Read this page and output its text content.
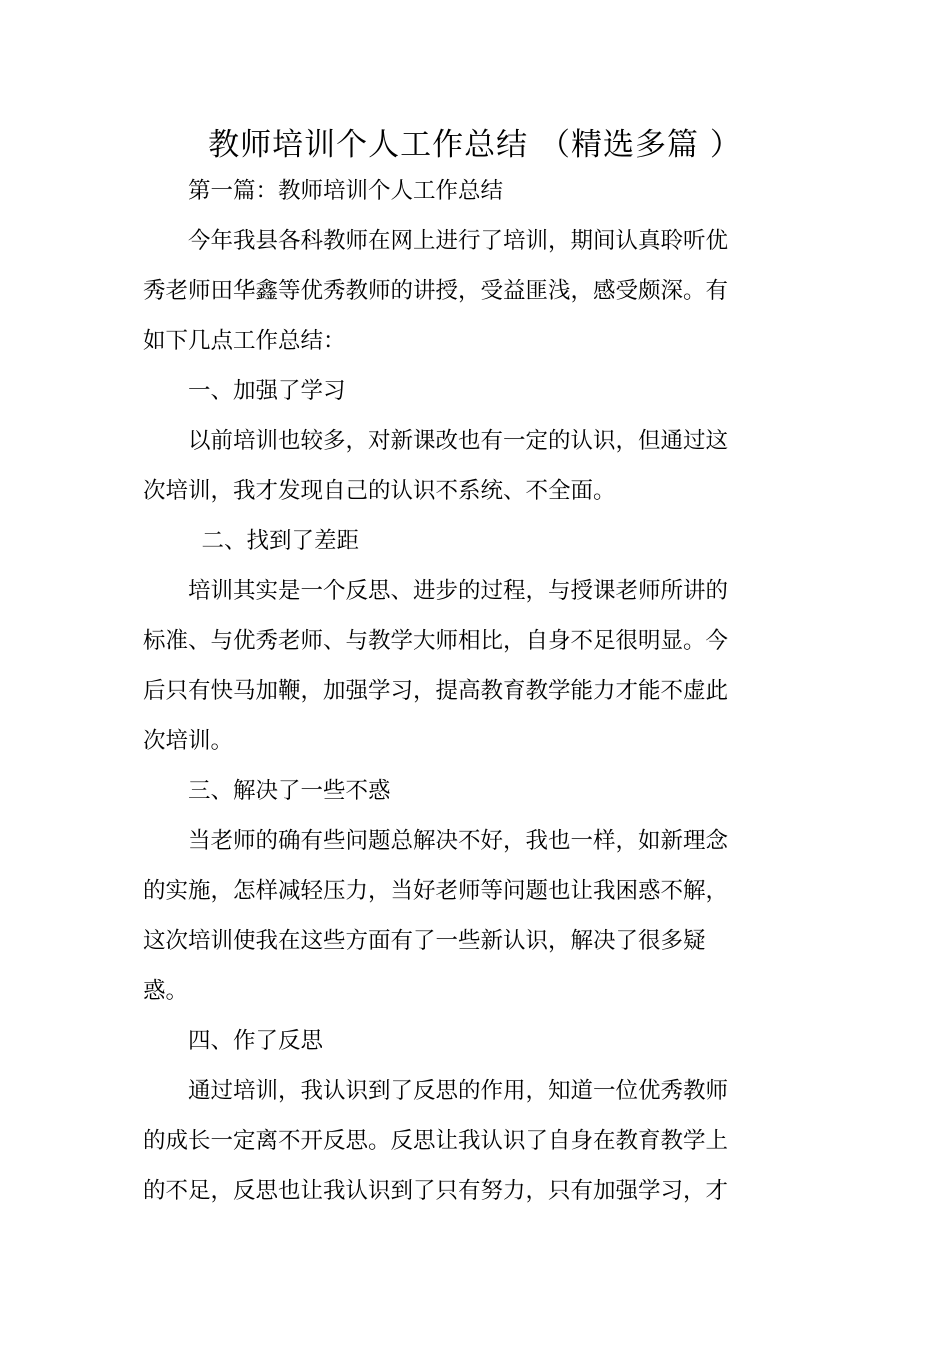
教师培训个人工作总结 （精选多篇 ）

第一篇：教师培训个人工作总结

今年我县各科教师在网上进行了培训，期间认真聆听优秀老师田华鑫等优秀教师的讲授，受益匪浅，感受颇深。有如下几点工作总结：

一、加强了学习

以前培训也较多，对新课改也有一定的认识，但通过这次培训，我才发现自己的认识不系统、不全面。

二、找到了差距

培训其实是一个反思、进步的过程，与授课老师所讲的标准、与优秀老师、与教学大师相比，自身不足很明显。今后只有快马加鞭，加强学习，提高教育教学能力才能不虚此次培训。

三、解决了一些不惑

当老师的确有些问题总解决不好，我也一样，如新理念的实施，怎样减轻压力，当好老师等问题也让我困惑不解，这次培训使我在这些方面有了一些新认识，解决了很多疑惑。

四、作了反思

通过培训，我认识到了反思的作用，知道一位优秀教师的成长一定离不开反思。反思让我认识了自身在教育教学上的不足，反思也让我认识到了只有努力，只有加强学习，才
